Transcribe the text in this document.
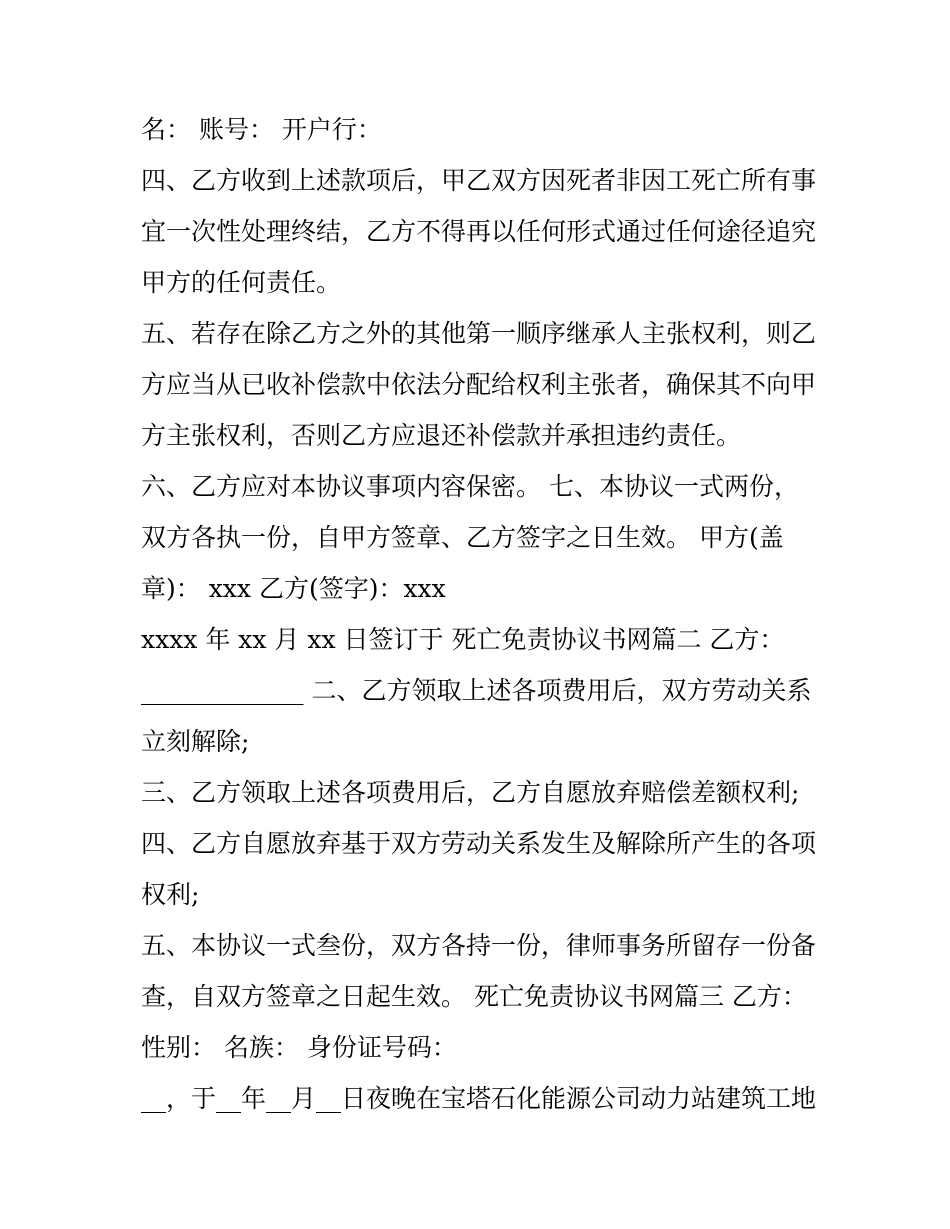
名： 账号： 开户行：

四、乙方收到上述款项后，甲乙双方因死者非因工死亡所有事

宜一次性处理终结，乙方不得再以任何形式通过任何途径追究

甲方的任何责任。

五、若存在除乙方之外的其他第一顺序继承人主张权利，则乙

方应当从已收补偿款中依法分配给权利主张者，确保其不向甲

方主张权利，否则乙方应退还补偿款并承担违约责任。

六、乙方应对本协议事项内容保密。 七、本协议一式两份，

双方各执一份，自甲方签章、乙方签字之日生效。 甲方(盖

章)： xxx 乙方(签字)：xxx

xxxx 年 xx 月 xx 日签订于 死亡免责协议书网篇二 乙方：

_____________ 二、乙方领取上述各项费用后，双方劳动关系

立刻解除;

三、乙方领取上述各项费用后，乙方自愿放弃赔偿差额权利;

四、乙方自愿放弃基于双方劳动关系发生及解除所产生的各项

权利;

五、本协议一式叁份，双方各持一份，律师事务所留存一份备

查，自双方签章之日起生效。 死亡免责协议书网篇三 乙方：

性别： 名族： 身份证号码：

__，于__年__月__日夜晚在宝塔石化能源公司动力站建筑工地
